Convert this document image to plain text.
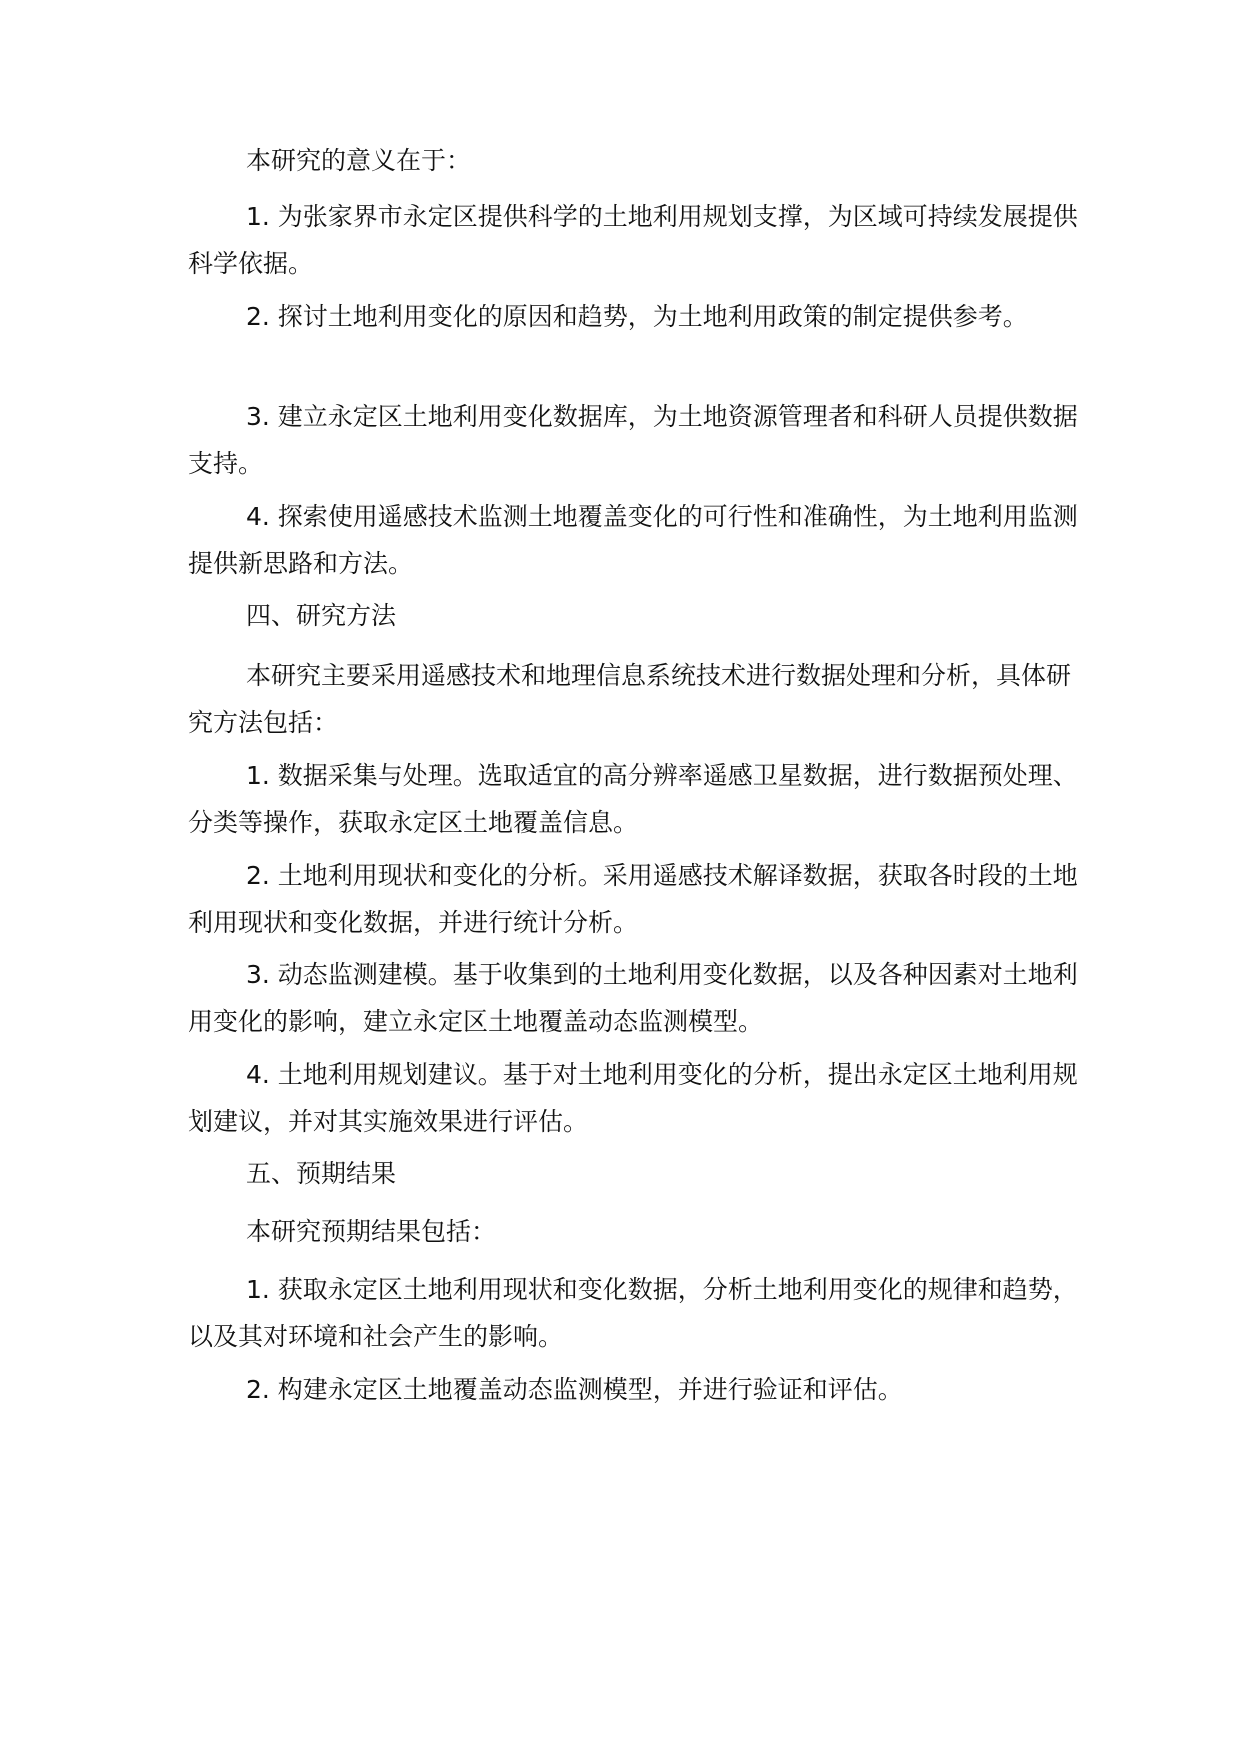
本研究的意义在于：

1. 为张家界市永定区提供科学的土地利用规划支撑，为区域可持续发展提供科学依据。

2. 探讨土地利用变化的原因和趋势，为土地利用政策的制定提供参考。

3. 建立永定区土地利用变化数据库，为土地资源管理者和科研人员提供数据支持。

4. 探索使用遥感技术监测土地覆盖变化的可行性和准确性，为土地利用监测提供新思路和方法。

四、研究方法

本研究主要采用遥感技术和地理信息系统技术进行数据处理和分析，具体研究方法包括：

1. 数据采集与处理。选取适宜的高分辨率遥感卫星数据，进行数据预处理、分类等操作，获取永定区土地覆盖信息。

2. 土地利用现状和变化的分析。采用遥感技术解译数据，获取各时段的土地利用现状和变化数据，并进行统计分析。

3. 动态监测建模。基于收集到的土地利用变化数据，以及各种因素对土地利用变化的影响，建立永定区土地覆盖动态监测模型。

4. 土地利用规划建议。基于对土地利用变化的分析，提出永定区土地利用规划建议，并对其实施效果进行评估。

五、预期结果

本研究预期结果包括：

1. 获取永定区土地利用现状和变化数据，分析土地利用变化的规律和趋势，以及其对环境和社会产生的影响。

2. 构建永定区土地覆盖动态监测模型，并进行验证和评估。
